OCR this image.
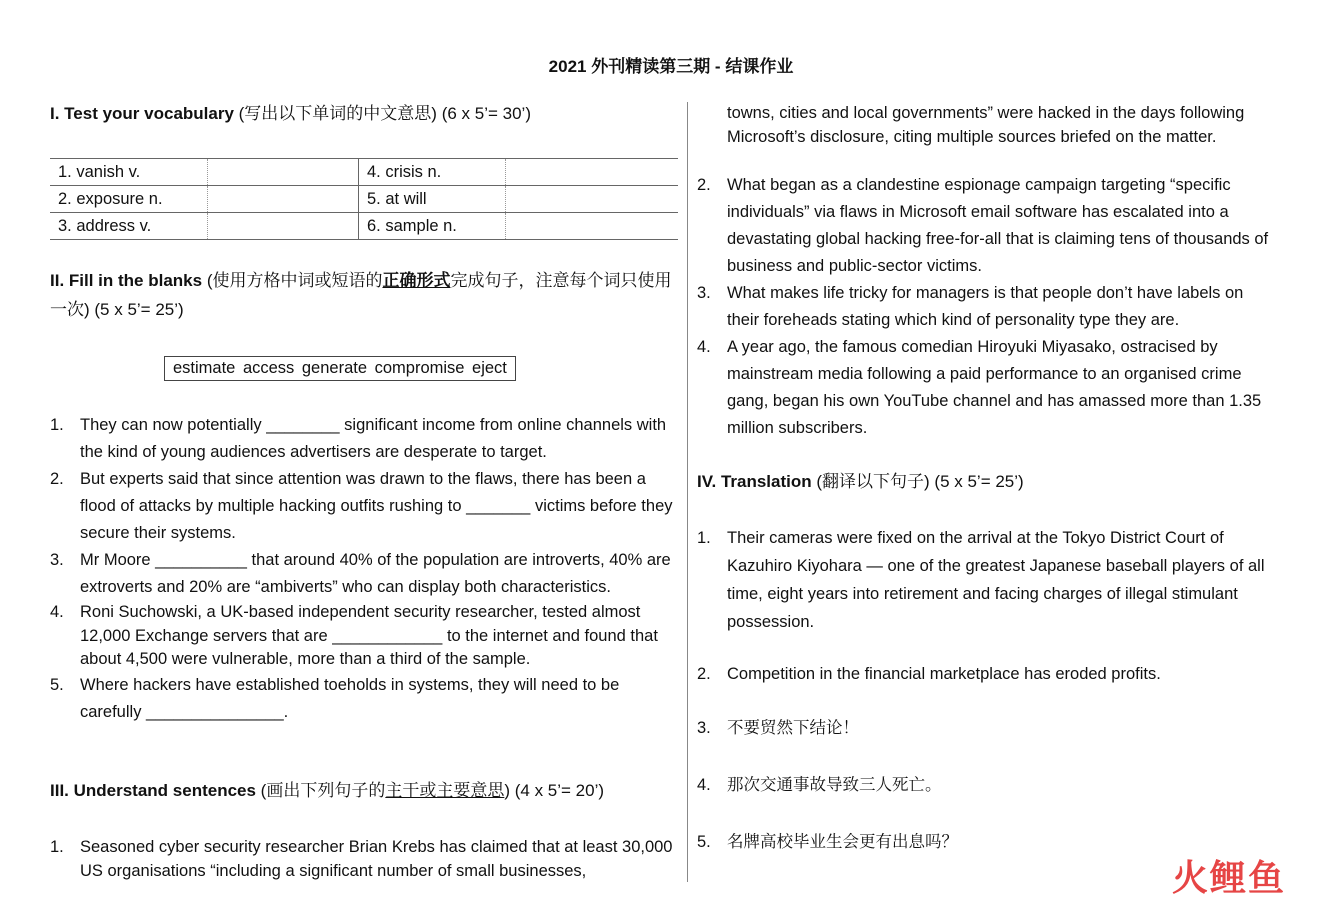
2021 外刊精读第三期 - 结课作业
I. Test your vocabulary (写出以下单词的中文意思) (6 x 5’= 30’)
1. vanish v.		4. crisis n.	
2. exposure n.		5. at will	
3. address v.		6. sample n.	
II. Fill in the blanks (使用方格中词或短语的正确形式完成句子，注意每个词只使用一次) (5 x 5’= 25’)
estimate access generate compromise eject
1. They can now potentially ________ significant income from online channels with the kind of young audiences advertisers are desperate to target.
2. But experts said that since attention was drawn to the flaws, there has been a flood of attacks by multiple hacking outfits rushing to _______ victims before they secure their systems.
3. Mr Moore __________ that around 40% of the population are introverts, 40% are extroverts and 20% are “ambiverts” who can display both characteristics.
4. Roni Suchowski, a UK-based independent security researcher, tested almost 12,000 Exchange servers that are ____________ to the internet and found that about 4,500 were vulnerable, more than a third of the sample.
5. Where hackers have established toeholds in systems, they will need to be carefully _______________.
III. Understand sentences (画出下列句子的主干或主要意思) (4 x 5’= 20’)
1. Seasoned cyber security researcher Brian Krebs has claimed that at least 30,000 US organisations “including a significant number of small businesses,
towns, cities and local governments” were hacked in the days following Microsoft’s disclosure, citing multiple sources briefed on the matter.
2. What began as a clandestine espionage campaign targeting “specific individuals” via flaws in Microsoft email software has escalated into a devastating global hacking free-for-all that is claiming tens of thousands of business and public-sector victims.
3. What makes life tricky for managers is that people don’t have labels on their foreheads stating which kind of personality type they are.
4. A year ago, the famous comedian Hiroyuki Miyasako, ostracised by mainstream media following a paid performance to an organised crime gang, began his own YouTube channel and has amassed more than 1.35 million subscribers.
IV. Translation (翻译以下句子) (5 x 5’= 25’)
1. Their cameras were fixed on the arrival at the Tokyo District Court of Kazuhiro Kiyohara — one of the greatest Japanese baseball players of all time, eight years into retirement and facing charges of illegal stimulant possession.
2. Competition in the financial marketplace has eroded profits.
3. 不要贸然下结论！
4. 那次交通事故导致三人死亡。
5. 名牌高校毕业生会更有出息吗？
火鲤鱼
